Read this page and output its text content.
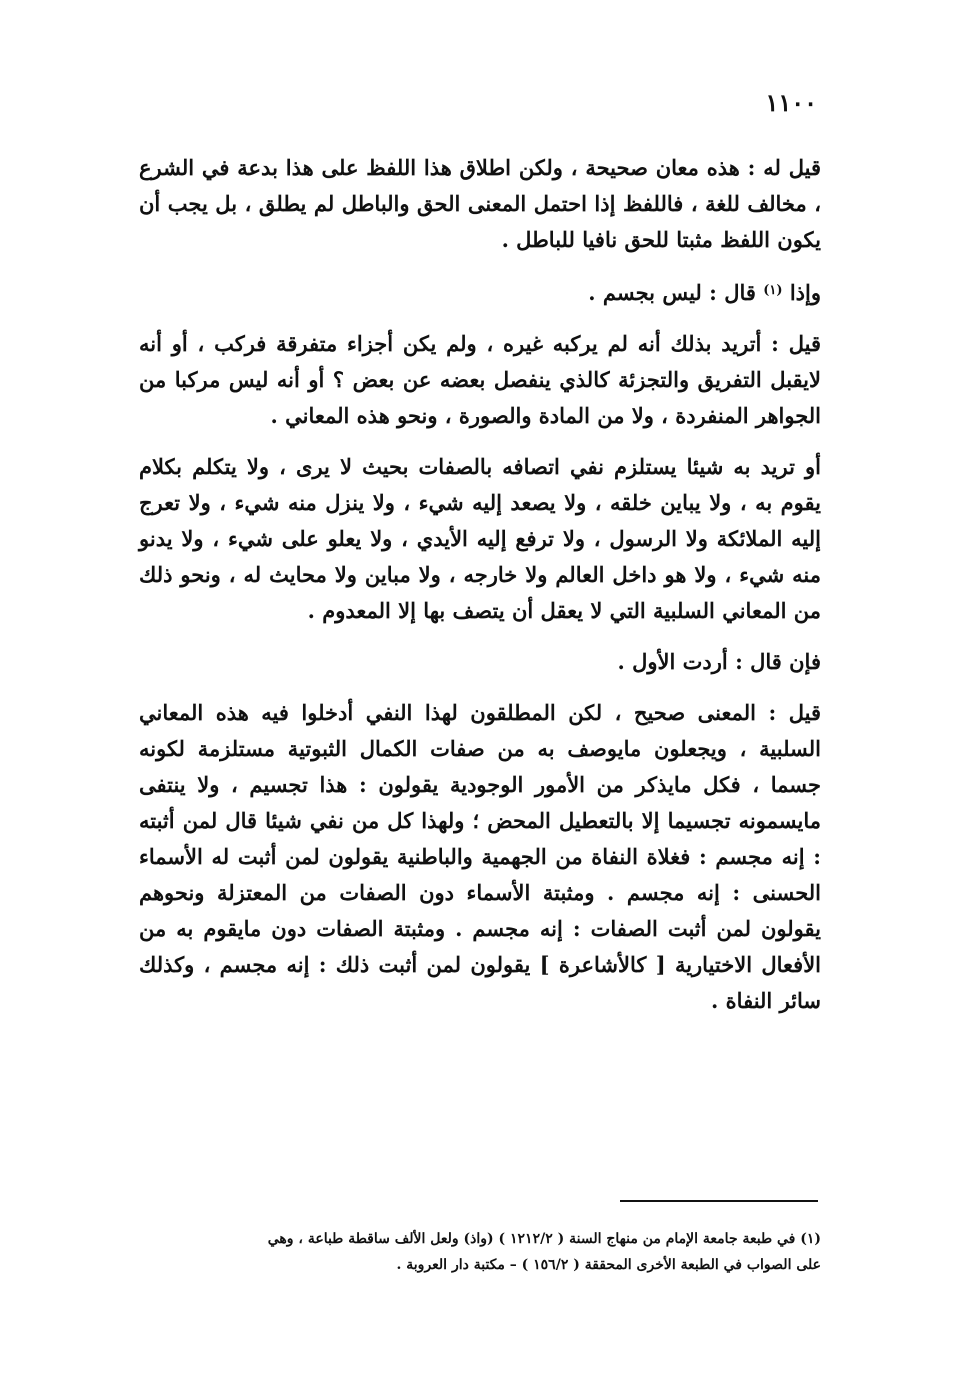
١١٠٠

قيل له : هذه معان صحيحة ، ولكن اطلاق هذا اللفظ على هذا بدعة في الشرع ، مخالف للغة ، فاللفظ إذا احتمل المعنى الحق والباطل لم يطلق ، بل يجب أن يكون اللفظ مثبتا للحق نافيا للباطل .

وإذا $^{(١)}$ قال : ليس بجسم .

قيل : أتريد بذلك أنه لم يركبه غيره ، ولم يكن أجزاء متفرقة فركب ، أو أنه لايقبل التفريق والتجزئة كالذي ينفصل بعضه عن بعض ؟ أو أنه ليس مركبا من الجواهر المنفردة ، ولا من المادة والصورة ، ونحو هذه المعاني .

أو تريد به شيئا يستلزم نفي اتصافه بالصفات بحيث لا يرى ، ولا يتكلم بكلام يقوم به ، ولا يباين خلقه ، ولا يصعد إليه شيء ، ولا ينزل منه شيء ، ولا تعرج إليه الملائكة ولا الرسول ، ولا ترفع إليه الأيدي ، ولا يعلو على شيء ، ولا يدنو منه شيء ، ولا هو داخل العالم ولا خارجه ، ولا مباين ولا محايث له ، ونحو ذلك من المعاني السلبية التي لا يعقل أن يتصف بها إلا المعدوم .

فإن قال : أردت الأول .

قيل : المعنى صحيح ، لكن المطلقون لهذا النفي أدخلوا فيه هذه المعاني السلبية ، ويجعلون مايوصف به من صفات الكمال الثبوتية مستلزمة لكونه جسما ، فكل مايذكر من الأمور الوجودية يقولون : هذا تجسيم ، ولا ينتفى مايسمونه تجسيما إلا بالتعطيل المحض ؛ ولهذا كل من نفي شيئا قال لمن أثبته : إنه مجسم : فغلاة النفاة من الجهمية والباطنية يقولون لمن أثبت له الأسماء الحسنى : إنه مجسم . ومثبتة الأسماء دون الصفات من المعتزلة ونحوهم يقولون لمن أثبت الصفات : إنه مجسم . ومثبتة الصفات دون مايقوم به من الأفعال الاختيارية [ كالأشاعرة ] يقولون لمن أثبت ذلك : إنه مجسم ، وكذلك سائر النفاة .

(١) في طبعة جامعة الإمام من منهاج السنة ( ١٢١٢/٢ ) (واذ) ولعل الألف ساقطة طباعة ، وهي

على الصواب في الطبعة الأخرى المحققة ( ١٥٦/٢ ) – مكتبة دار العروبة .
